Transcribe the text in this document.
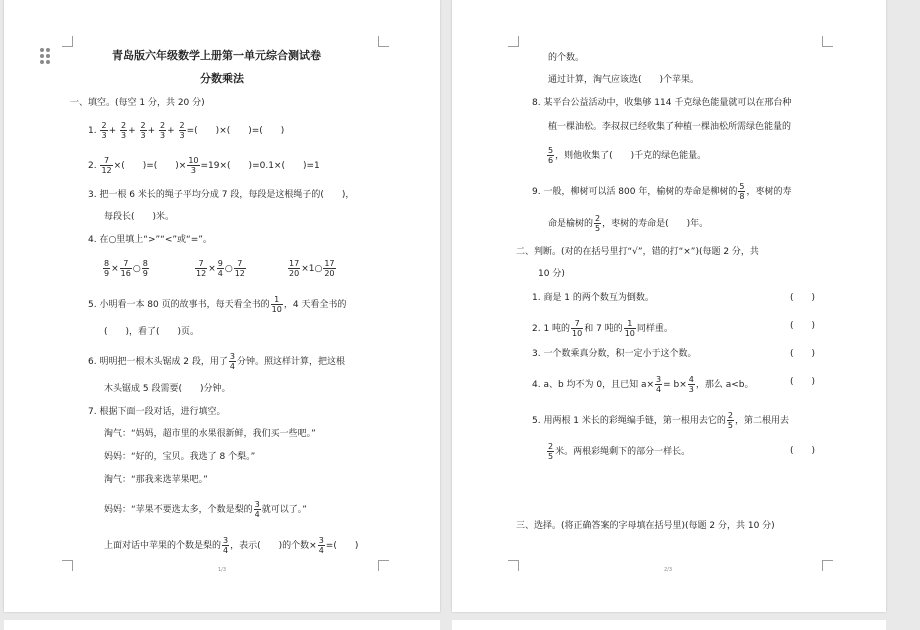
青岛版六年级数学上册第一单元综合测试卷
分数乘法
一、填空。(每空 1 分，共 20 分)
1. $\frac{2}{3} + \frac{2}{3} + \frac{2}{3} + \frac{2}{3} + \frac{2}{3}$ =(　　)×(　　)=(　　)
2. $\frac{7}{12}$ ×(　　)=(　　)× $\frac{10}{3} =19\times$(　　)=0.1×(　　)=1
3. 把一根 6 米长的绳子平均分成 7 段，每段是这根绳子的(　　)，
每段长(　　)米。
4. 在○里填上“>”“<”或“=”。
$\frac{8}{9} \times \frac{7}{16}$ ○ $\frac{8}{9}$	$\frac{7}{12} \times \frac{9}{4}$ ○ $\frac{7}{12}$	$\frac{17}{20}$ ×1○ $\frac{17}{20}$
5. 小明看一本 80 页的故事书，每天看全书的 $\frac{1}{10}$ ，4 天看全书的
(　　)，看了(　　)页。
6. 明明把一根木头锯成 2 段，用了 $\frac{3}{4}$ 分钟。照这样计算，把这根
木头锯成 5 段需要(　　)分钟。
7. 根据下面一段对话，进行填空。
淘气：“妈妈，超市里的水果很新鲜，我们买一些吧。”
妈妈：“好的，宝贝。我选了 8 个梨。”
淘气：“那我来选苹果吧。”
妈妈：“苹果不要选太多，个数是梨的 $\frac{3}{4}$ 就可以了。”
上面对话中苹果的个数是梨的 $\frac{3}{4}$ ，表示(　　)的个数× $\frac{3}{4}$ =(　　)
1/3
的个数。
通过计算，淘气应该选(　　)个苹果。
8. 某平台公益活动中，收集够 114 千克绿色能量就可以在邢台种
植一棵油松。李叔叔已经收集了种植一棵油松所需绿色能量的
$\frac{5}{6}$ ，则他收集了(　　)千克的绿色能量。
9. 一般，柳树可以活 800 年，榆树的寿命是柳树的 $\frac{5}{8}$ ，枣树的寿
命是榆树的 $\frac{2}{5}$ ，枣树的寿命是(　　)年。
二、判断。(对的在括号里打“√”，错的打“×”)(每题 2 分，共
10 分)
1. 商是 1 的两个数互为倒数。	(　　)
2. 1 吨的 $\frac{7}{10}$ 和 7 吨的 $\frac{1}{10}$ 同样重。	(　　)
3. 一个数乘真分数，积一定小于这个数。	(　　)
4. a、b 均不为 0，且已知 $a\times \frac{3}{4} = b\times \frac{4}{3}$ ，那么 a<b。	(　　)
5. 用两根 1 米长的彩绳编手链，第一根用去它的 $\frac{2}{5}$ ，第二根用去
$\frac{2}{5}$ 米。两根彩绳剩下的部分一样长。	(　　)
三、选择。(将正确答案的字母填在括号里)(每题 2 分，共 10 分)
2/3
